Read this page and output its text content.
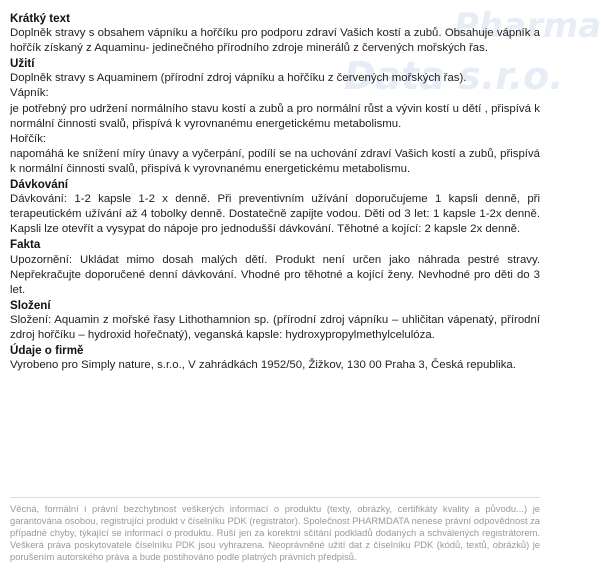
Pharma
Data s.r.o.
Krátký text

Doplněk stravy s obsahem vápníku a hořčíku pro podporu zdraví Vašich kostí a zubů. Obsahuje vápník a hořčík získaný z Aquaminu- jedinečného přírodního zdroje minerálů z červených mořských řas.

Užití

Doplněk stravy s Aquaminem (přírodní zdroj vápníku a hořčíku z červených mořských řas).

Vápník:

je potřebný pro udržení normálního stavu kostí a zubů a pro normální růst a vývin kostí u dětí , přispívá k normální činnosti svalů, přispívá k vyrovnanému energetickému metabolismu.

Hořčík:

napomáhá ke snížení míry únavy a vyčerpání, podílí se na uchování zdraví Vašich kostí a zubů, přispívá k normální činnosti svalů, přispívá k vyrovnanému energetickému metabolismu.

Dávkování

Dávkování: 1-2 kapsle 1-2 x denně. Při preventivním užívání doporučujeme 1 kapsli denně, při terapeutickém užívání až 4 tobolky denně. Dostatečně zapijte vodou. Děti od 3 let: 1 kapsle 1-2x denně. Kapsli lze otevřít a vysypat do nápoje pro jednodušší dávkování. Těhotné a kojící: 2 kapsle 2x denně.

Fakta

Upozornění: Ukládat mimo dosah malých dětí. Produkt není určen jako náhrada pestré stravy. Nepřekračujte doporučené denní dávkování. Vhodné pro těhotné a kojící ženy. Nevhodné pro děti do 3 let.

Složení

Složení: Aquamin z mořské řasy Lithothamnion sp. (přírodní zdroj vápníku – uhličitan vápenatý, přírodní zdroj hořčíku – hydroxid hořečnatý), veganská kapsle: hydroxypropylmethylcelulóza.

Údaje o firmě

Vyrobeno pro Simply nature, s.r.o., V zahrádkách 1952/50, Žižkov, 130 00 Praha 3, Česká republika.

Věcná, formální i právní bezchybnost veškerých informací o produktu (texty, obrázky, certifikáty kvality a původu...) je garantována osobou, registrující produkt v číselníku PDK (registrátor). Společnost PHARMDATA nenese právní odpovědnost za případné chyby, týkající se informací o produktu. Ruší jen za korektní sčítání podkladů dodaných a schválených registrátorem. Veškerá práva poskytovatele číselníku PDK jsou vyhrazena. Neoprávněné užití dat z číselníku PDK (kódů, textů, obrázků) je porušením autorského práva a bude postihováno podle platných právních předpisů.
